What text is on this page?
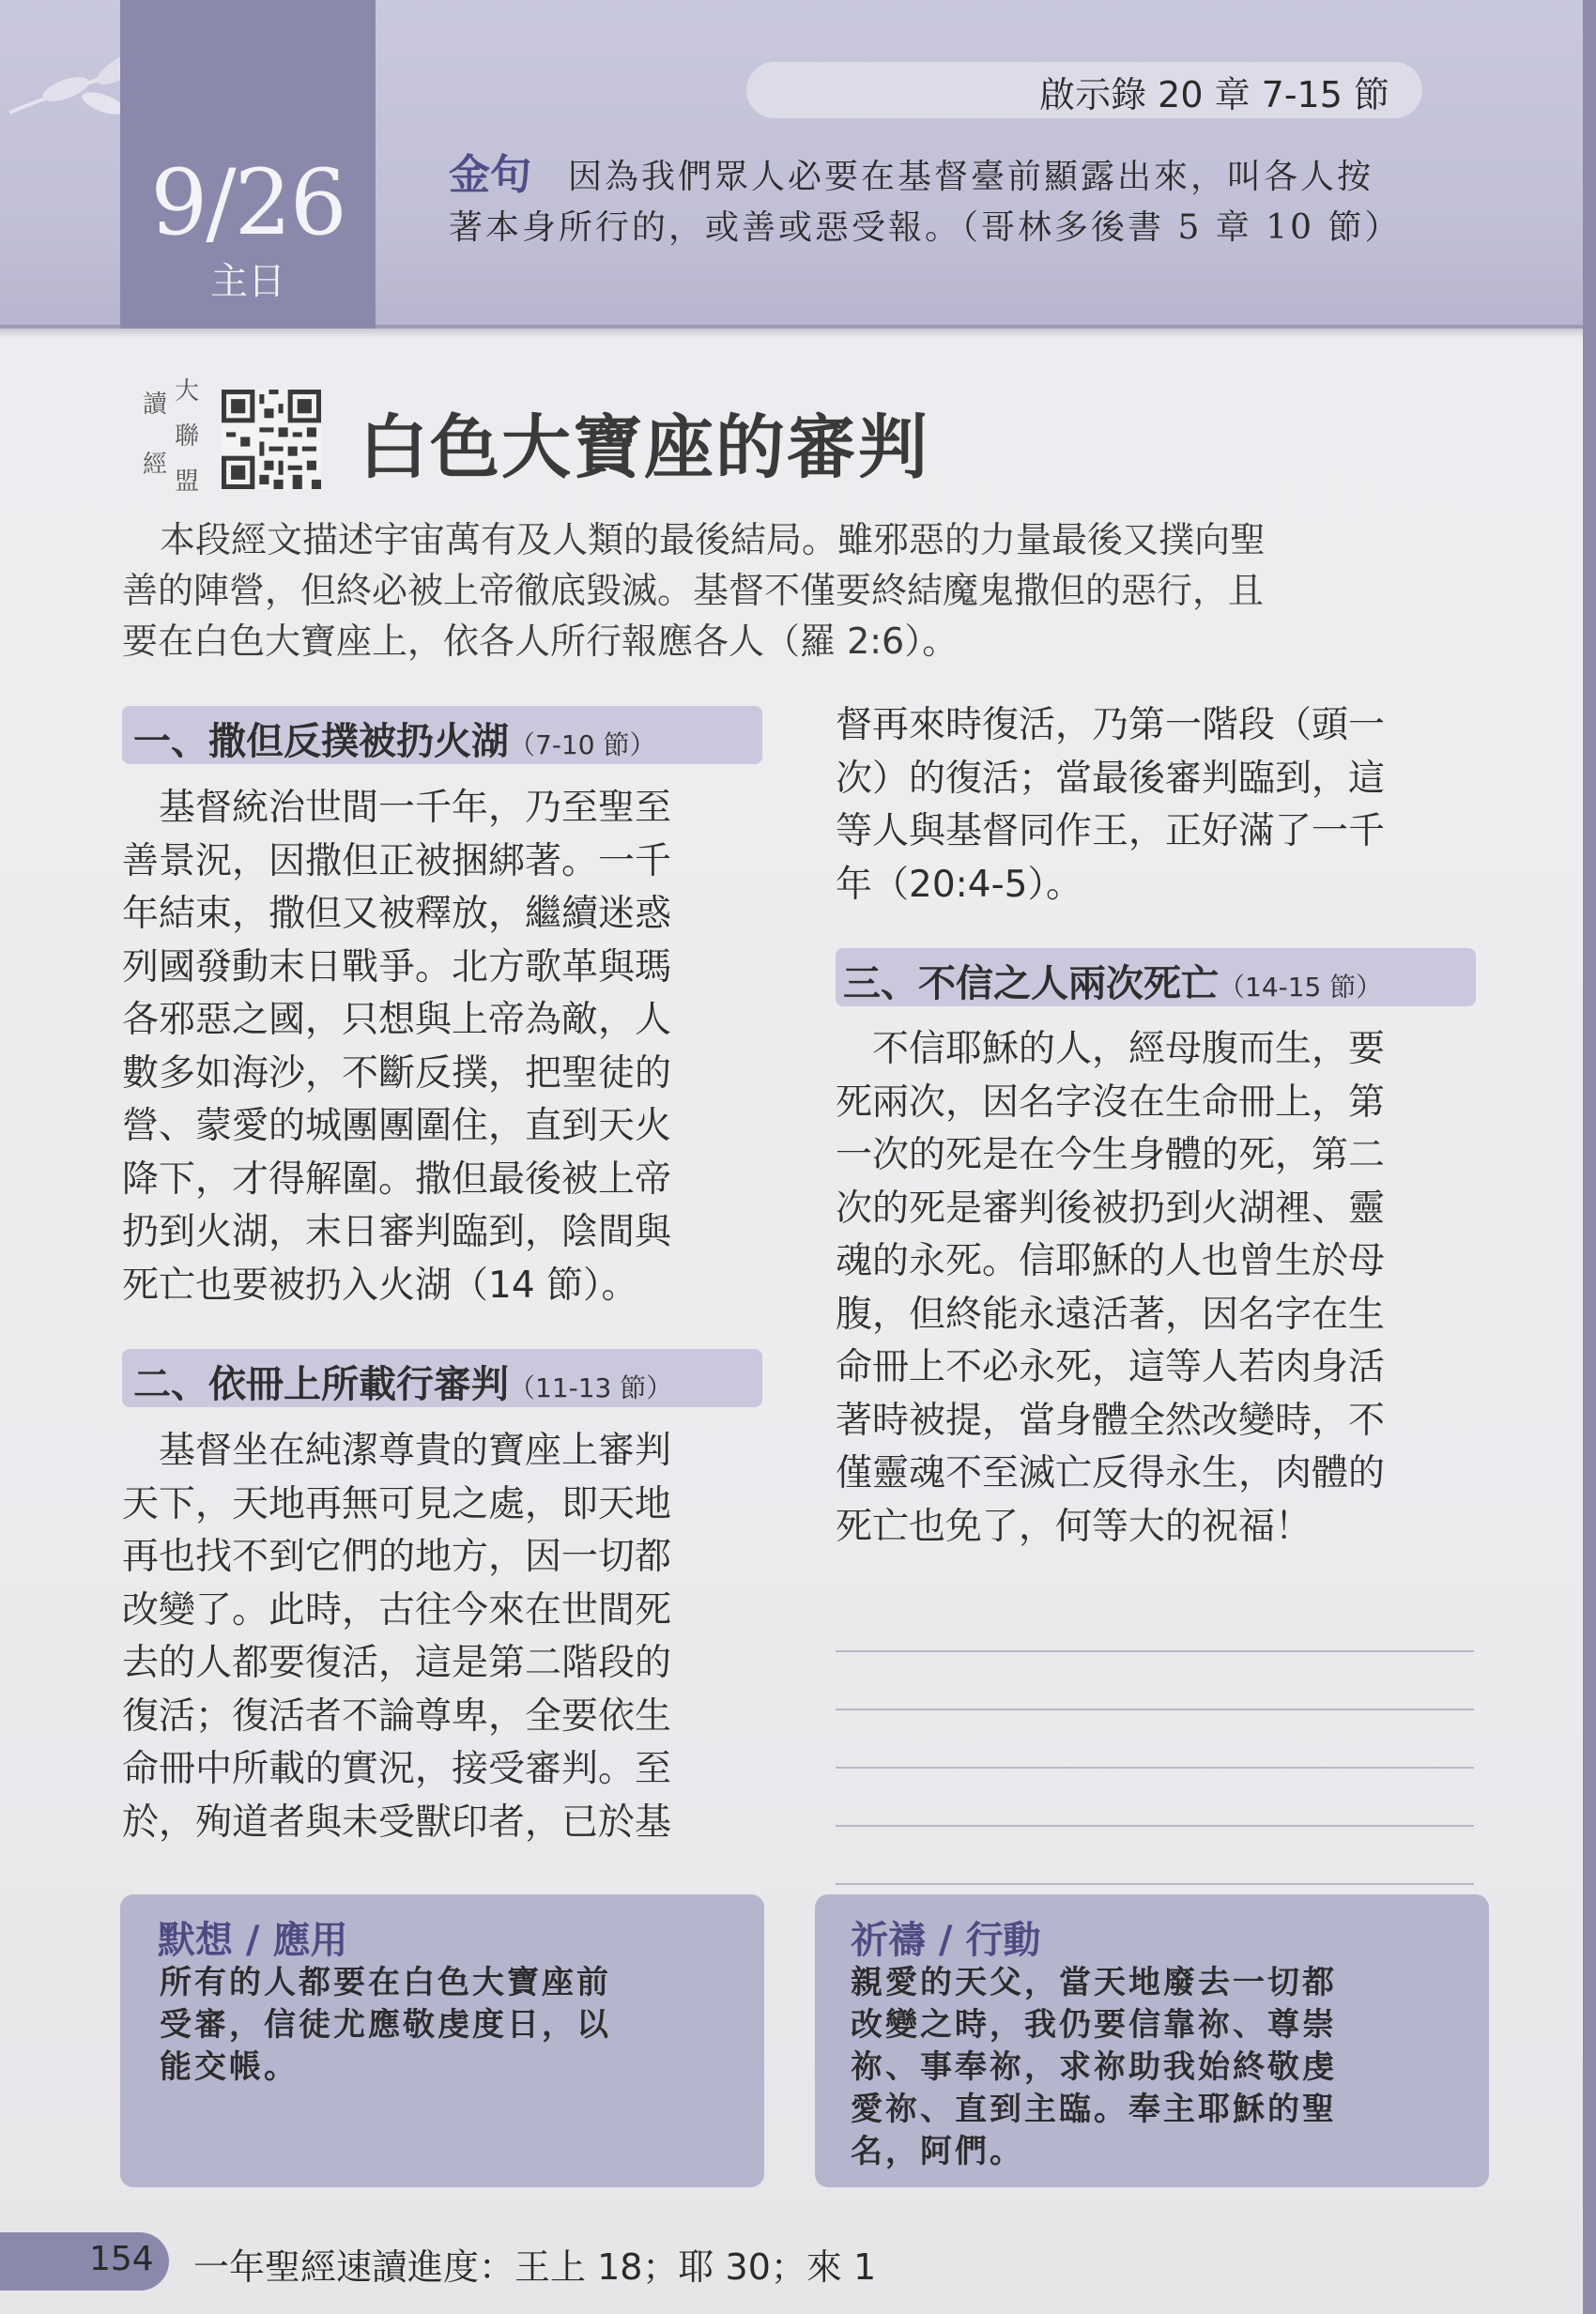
9/26
主日
啟示錄 20 章 7-15 節
金句 因為我們眾人必要在基督臺前顯露出來，叫各人按
著本身所行的，或善或惡受報。（哥林多後書 5 章 10 節）
讀
經
大
聯
盟 白色大寶座的審判

本段經文描述宇宙萬有及人類的最後結局。雖邪惡的力量最後又撲向聖
善的陣營，但終必被上帝徹底毀滅。基督不僅要終結魔鬼撒但的惡行，且
要在白色大寶座上，依各人所行報應各人（羅 2:6）。

一、撒但反撲被扔火湖（7-10 節）

　基督統治世間一千年，乃至聖至
善景況，因撒但正被捆綁著。一千
年結束，撒但又被釋放，繼續迷惑
列國發動末日戰爭。北方歌革與瑪
各邪惡之國，只想與上帝為敵，人
數多如海沙，不斷反撲，把聖徒的
營、蒙愛的城團團圍住，直到天火
降下，才得解圍。撒但最後被上帝
扔到火湖，末日審判臨到，陰間與
死亡也要被扔入火湖（14 節）。

二、依冊上所載行審判（11-13 節）

　基督坐在純潔尊貴的寶座上審判
天下，天地再無可見之處，即天地
再也找不到它們的地方，因一切都
改變了。此時，古往今來在世間死
去的人都要復活，這是第二階段的
復活；復活者不論尊卑，全要依生
命冊中所載的實況，接受審判。至
於，殉道者與未受獸印者，已於基

督再來時復活，乃第一階段（頭一
次）的復活；當最後審判臨到，這
等人與基督同作王，正好滿了一千
年（20:4-5）。

三、不信之人兩次死亡（14-15 節）

　不信耶穌的人，經母腹而生，要
死兩次，因名字沒在生命冊上，第
一次的死是在今生身體的死，第二
次的死是審判後被扔到火湖裡、靈
魂的永死。信耶穌的人也曾生於母
腹，但終能永遠活著，因名字在生
命冊上不必永死，這等人若肉身活
著時被提，當身體全然改變時，不
僅靈魂不至滅亡反得永生，肉體的
死亡也免了，何等大的祝福！

默想 / 應用

所有的人都要在白色大寶座前
受審，信徒尤應敬虔度日，以
能交帳。

祈禱 / 行動

親愛的天父，當天地廢去一切都
改變之時，我仍要信靠祢、尊崇
祢、事奉祢，求祢助我始終敬虔
愛祢、直到主臨。奉主耶穌的聖
名，阿們。

154 一年聖經速讀進度：王上 18；耶 30；來 1
